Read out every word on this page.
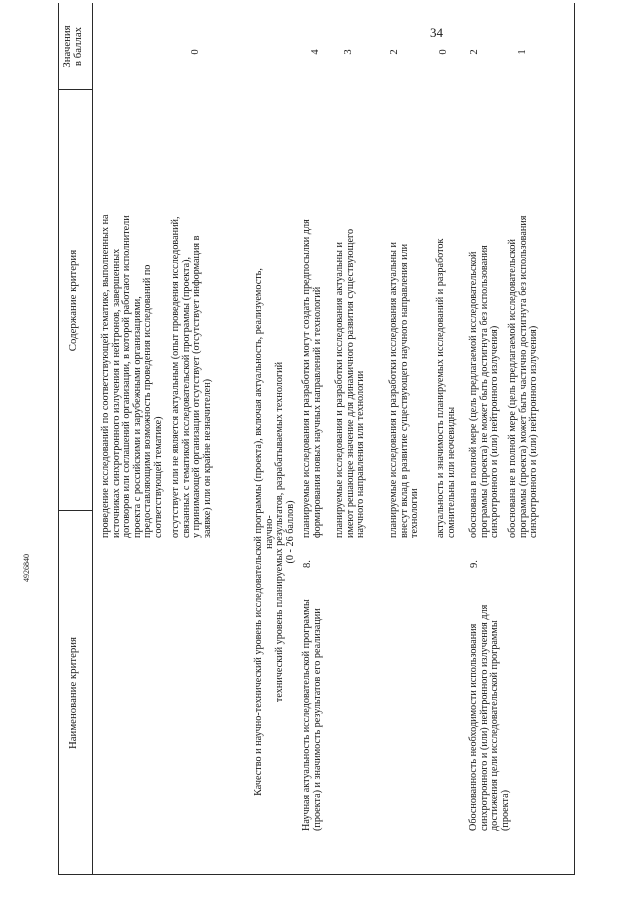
34
4926840
Наименование критерия
Содержание критерия
Значения
в баллах
проведение исследований по соответствующей тематике, выполненных на
источниках синхротронного излучения и нейтронов, завершенных
договоров или соглашений организации, в которой работают исполнители
проекта с российскими и зарубежными организациями,
предоставляющими возможность проведения исследований по
соответствующей тематике)
отсутствует или не является актуальным (опыт проведения исследований,
связанных с тематикой исследовательской программы (проекта),
у принимающей организации отсутствует (отсутствует информация в
заявке) или он крайне незначителен)
0
Качество и научно-технический уровень исследовательской программы (проекта), включая актуальность, реализуемость, научно-
технический уровень планируемых результатов, разрабатываемых технологий
(0 - 26 баллов)
8.
Научная актуальность исследовательской программы
(проекта) и значимость результатов его реализации
планируемые исследования и разработки могут создать предпосылки для
формирования новых научных направлений и технологий
4
планируемые исследования и разработки исследования актуальны и
имеют решающее значение для динамичного развития существующего
научного направления или технологии
3
планируемые исследования и разработки исследования актуальны и
внесут вклад в развитие существующего научного направления или
технологии
2
актуальность и значимость планируемых исследований и разработок
сомнительны или неочевидны
0
9.
Обоснованность необходимости использования
синхротронного и (или) нейтронного излучения для
достижения цели исследовательской программы
(проекта)
обоснована в полной мере (цель предлагаемой исследовательской
программы (проекта) не может быть достигнута без использования
синхротронного и (или) нейтронного излучения)
2
обоснована не в полной мере (цель предлагаемой исследовательской
программы (проекта) может быть частично достигнута без использования
синхротронного и (или) нейтронного излучения)
1
